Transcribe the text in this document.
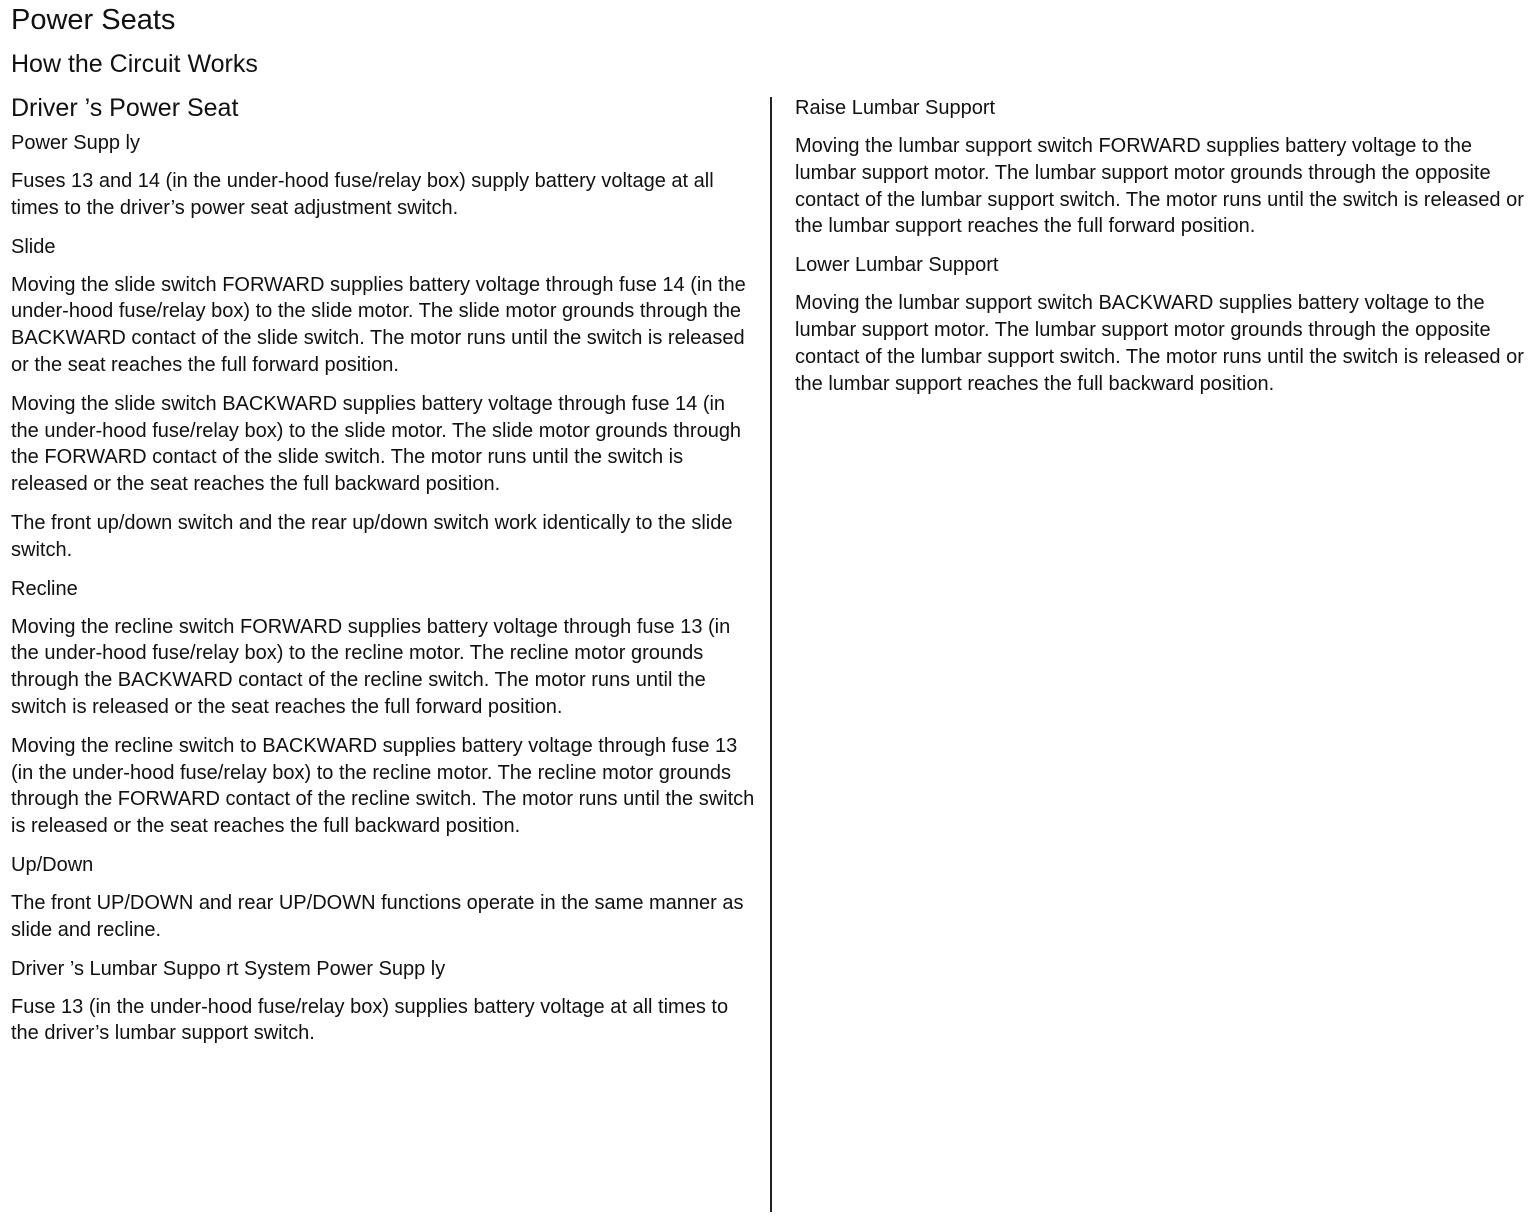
Power Seats
How the Circuit Works
Driver ’s Power Seat
Power Supp ly

Fuses 13 and 14 (in the under-hood fuse/relay box) supply battery voltage at all times to the driver’s power seat adjustment switch.

Slide

Moving the slide switch FORWARD supplies battery voltage through fuse 14 (in the under-hood fuse/relay box) to the slide motor. The slide motor grounds through the BACKWARD contact of the slide switch. The motor runs until the switch is released or the seat reaches the full forward position.

Moving the slide switch BACKWARD supplies battery voltage through fuse 14 (in the under-hood fuse/relay box) to the slide motor. The slide motor grounds through the FORWARD contact of the slide switch. The motor runs until the switch is released or the seat reaches the full backward position.

The front up/down switch and the rear up/down switch work identically to the slide switch.

Recline

Moving the recline switch FORWARD supplies battery voltage through fuse 13 (in the under-hood fuse/relay box) to the recline motor. The recline motor grounds through the BACKWARD contact of the recline switch. The motor runs until the switch is released or the seat reaches the full forward position.

Moving the recline switch to BACKWARD supplies battery voltage through fuse 13 (in the under-hood fuse/relay box) to the recline motor. The recline motor grounds through the FORWARD contact of the recline switch. The motor runs until the switch is released or the seat reaches the full backward position.

Up/Down

The front UP/DOWN and rear UP/DOWN functions operate in the same manner as slide and recline.

Driver ’s Lumbar Suppo rt System Power Supp ly

Fuse 13 (in the under-hood fuse/relay box) supplies battery voltage at all times to the driver’s lumbar support switch.

Raise Lumbar Support

Moving the lumbar support switch FORWARD supplies battery voltage to the lumbar support motor. The lumbar support motor grounds through the opposite contact of the lumbar support switch. The motor runs until the switch is released or the lumbar support reaches the full forward position.

Lower Lumbar Support

Moving the lumbar support switch BACKWARD supplies battery voltage to the lumbar support motor. The lumbar support motor grounds through the opposite contact of the lumbar support switch. The motor runs until the switch is released or the lumbar support reaches the full backward position.
